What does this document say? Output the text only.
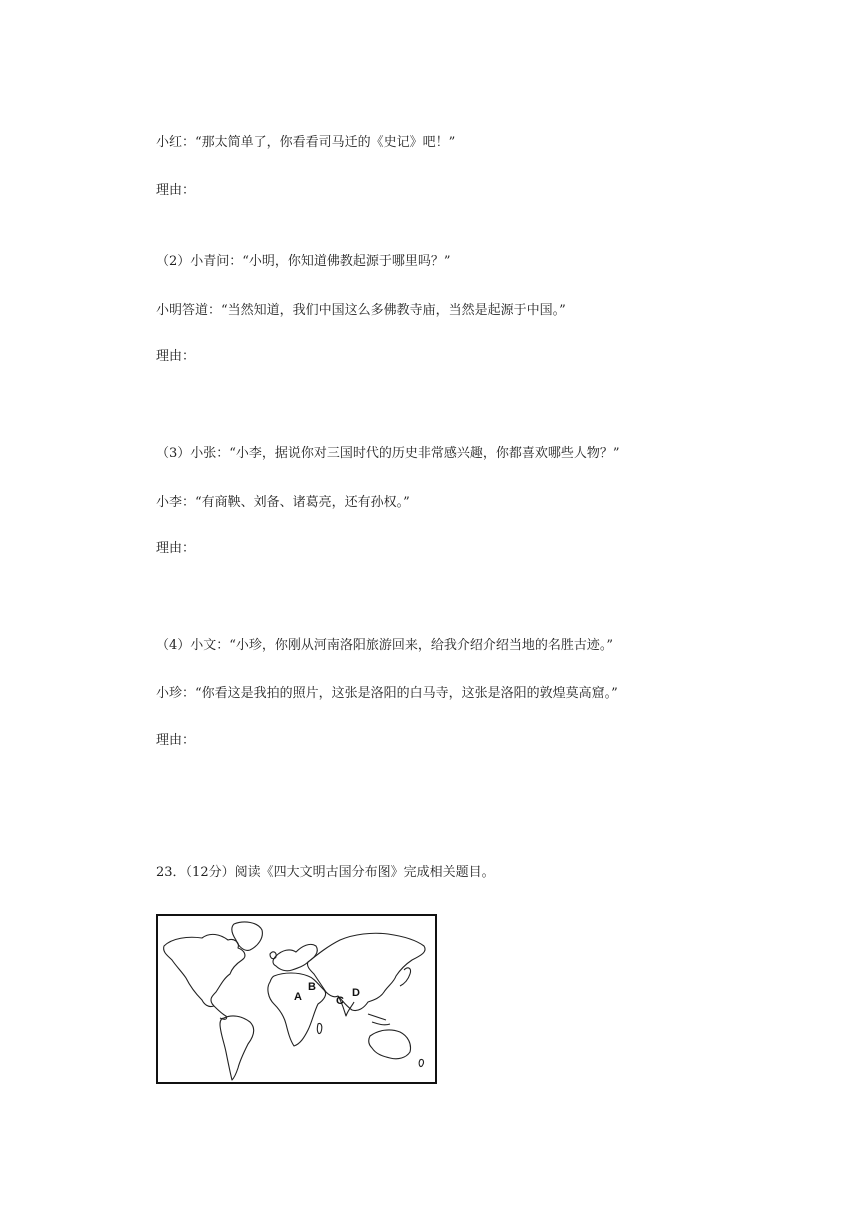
小红：“那太简单了，你看看司马迁的《史记》吧！”
理由：
（2）小青问：“小明，你知道佛教起源于哪里吗？”
小明答道：“当然知道，我们中国这么多佛教寺庙，当然是起源于中国。”
理由：
（3）小张：“小李，据说你对三国时代的历史非常感兴趣，你都喜欢哪些人物？”
小李：“有商鞅、刘备、诸葛亮，还有孙权。”
理由：
（4）小文：“小珍，你刚从河南洛阳旅游回来，给我介绍介绍当地的名胜古迹。”
小珍：“你看这是我拍的照片，这张是洛阳的白马寺，这张是洛阳的敦煌莫高窟。”
理由：
23．（12分）阅读《四大文明古国分布图》完成相关题目。
A
B
C
D
